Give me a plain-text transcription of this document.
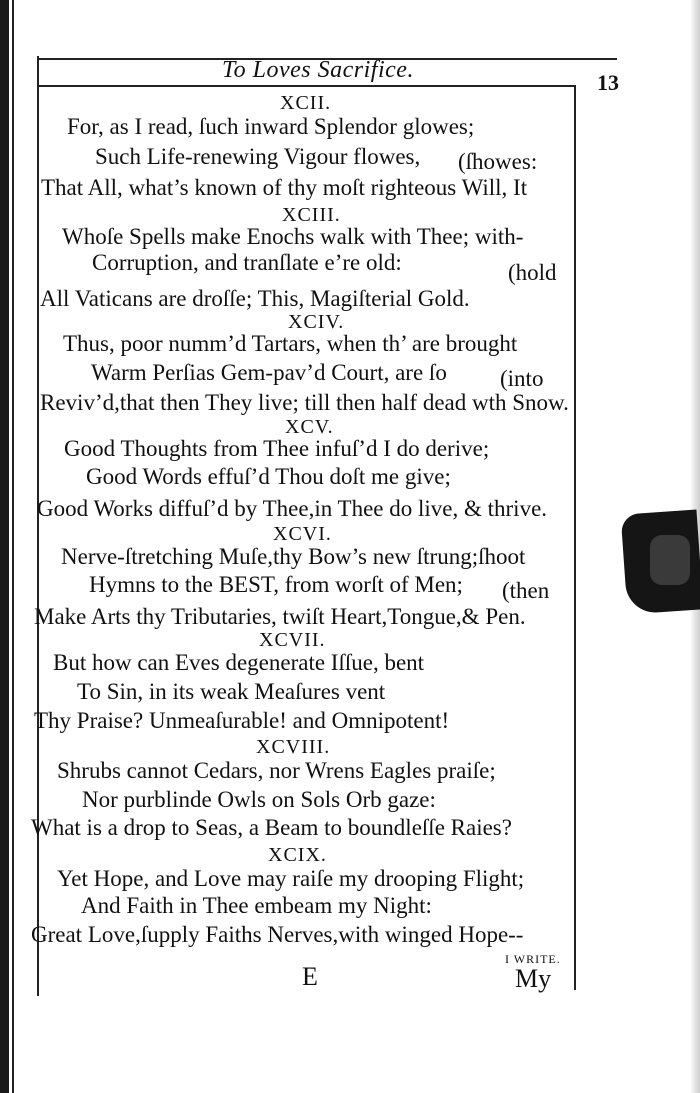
To Loves Sacrifice.	13
XCII.
For, as I read, ſuch inward Splendor glowes;
Such Life-renewing Vigour flowes, (ſhowes:
That All, what’s known of thy moſt righteous Will, It
XCIII.
Whoſe Spells make Enochs walk with Thee; with-
Corruption, and tranſlate e’re old:	(hold
All Vaticans are droſſe; This, Magiſterial Gold.
XCIV.
Thus, poor numm’d Tartars, when th’ are brought
Warm Perſias Gem-pav’d Court, are ſo (into
Reviv’d,that then They live; till then half dead wth Snow.
XCV.
Good Thoughts from Thee infuſ’d I do derive;
Good Words effuſ’d Thou doſt me give;
Good Works diffuſ’d by Thee,in Thee do live, & thrive.
XCVI.
Nerve-ſtretching Muſe,thy Bow’s new ſtrung;ſhoot
Hymns to the BEST, from worſt of Men; (then
Make Arts thy Tributaries, twiſt Heart,Tongue,& Pen.
XCVII.
But how can Eves degenerate Iſſue, bent
To Sin, in its weak Meaſures vent
Thy Praise? Unmeaſurable! and Omnipotent!
XCVIII.
Shrubs cannot Cedars, nor Wrens Eagles praiſe;
Nor purblinde Owls on Sols Orb gaze:
What is a drop to Seas, a Beam to boundleſſe Raies?
XCIX.
Yet Hope, and Love may raiſe my drooping Flight;
And Faith in Thee embeam my Night:
Great Love,ſupply Faiths Nerves,with winged Hope--
I WRITE.
E	My
